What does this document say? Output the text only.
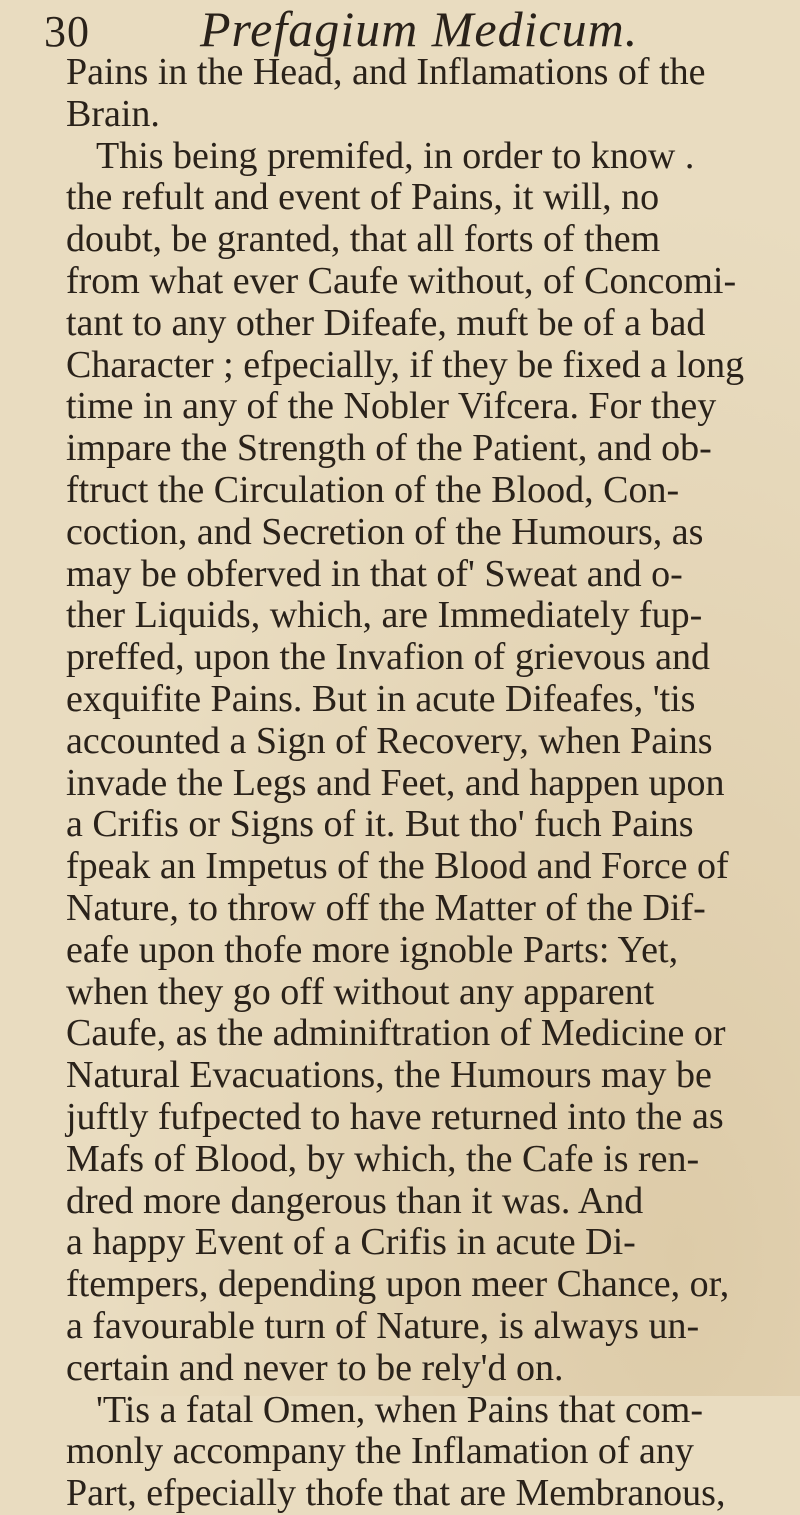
30 Prefagium Medicum.
Pains in the Head, and Inflamations of the
Brain.
This being premifed, in order to know .
the refult and event of Pains, it will, no
doubt, be granted, that all forts of them
from what ever Caufe without, of Concomi-
tant to any other Difeafe, muft be of a bad
Character ; efpecially, if they be fixed a long
time in any of the Nobler Vifcera. For they
impare the Strength of the Patient, and ob-
ftruct the Circulation of the Blood, Con-
coction, and Secretion of the Humours, as
may be obferved in that of' Sweat and o-
ther Liquids, which, are Immediately fup-
preffed, upon the Invafion of grievous and
exquifite Pains. But in acute Difeafes, 'tis
accounted a Sign of Recovery, when Pains
invade the Legs and Feet, and happen upon
a Crifis or Signs of it. But tho' fuch Pains
fpeak an Impetus of the Blood and Force of
Nature, to throw off the Matter of the Dif-
eafe upon thofe more ignoble Parts: Yet,
when they go off without any apparent
Caufe, as the adminiftration of Medicine or
Natural Evacuations, the Humours may be
juftly fufpected to have returned into the
Mafs of Blood, by which, the Cafe is ren-
dred more dangerous than it was. And
a happy Event of a Crifis in acute Di-
ftempers, depending upon meer Chance, or,
a favourable turn of Nature, is always un-
certain and never to be rely'd on.
'Tis a fatal Omen, when Pains that com-
monly accompany the Inflamation of any
Part, efpecially thofe that are Membranous,
as
